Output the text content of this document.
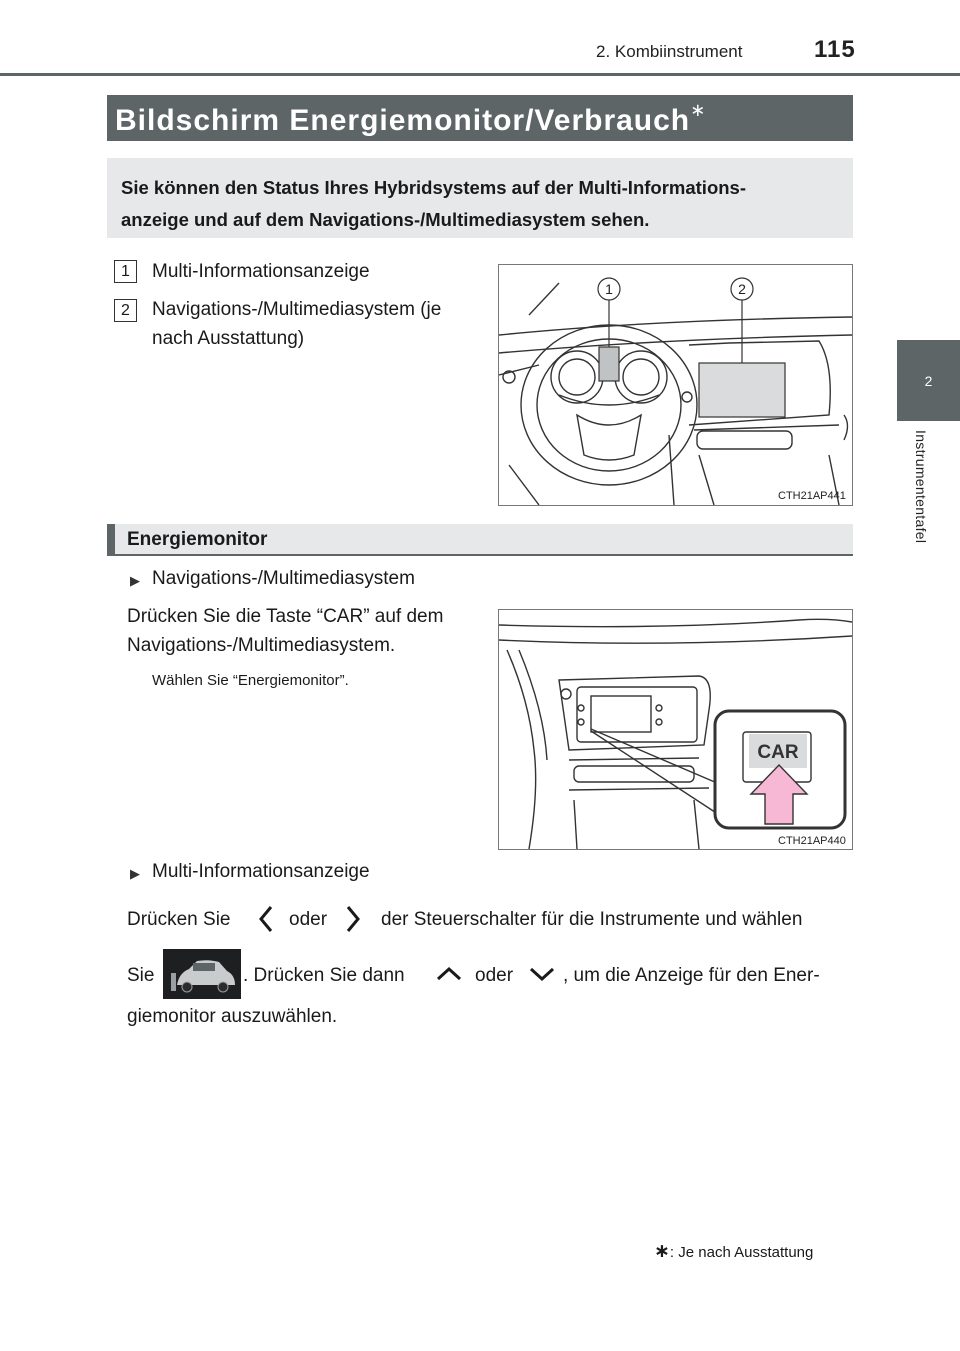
2. Kombiinstrument	115
2
Instrumententafel
Bildschirm Energiemonitor/Verbrauch∗
Sie können den Status Ihres Hybridsystems auf der Multi-Informations-
anzeige und auf dem Navigations-/Multimediasystem sehen.
1	Multi-Informationsanzeige
2	Navigations-/Multimediasystem (je
nach Ausstattung)
1	2
CTH21AP441
Energiemonitor
▶ Navigations-/Multimediasystem
Drücken Sie die Taste “CAR” auf dem
Navigations-/Multimediasystem.
Wählen Sie “Energiemonitor”.
CAR
CTH21AP440
▶ Multi-Informationsanzeige
Drücken Sie	oder	der Steuerschalter für die Instrumente und wählen
Sie	. Drücken Sie dann	oder	, um die Anzeige für den Ener-
giemonitor auszuwählen.
∗: Je nach Ausstattung
